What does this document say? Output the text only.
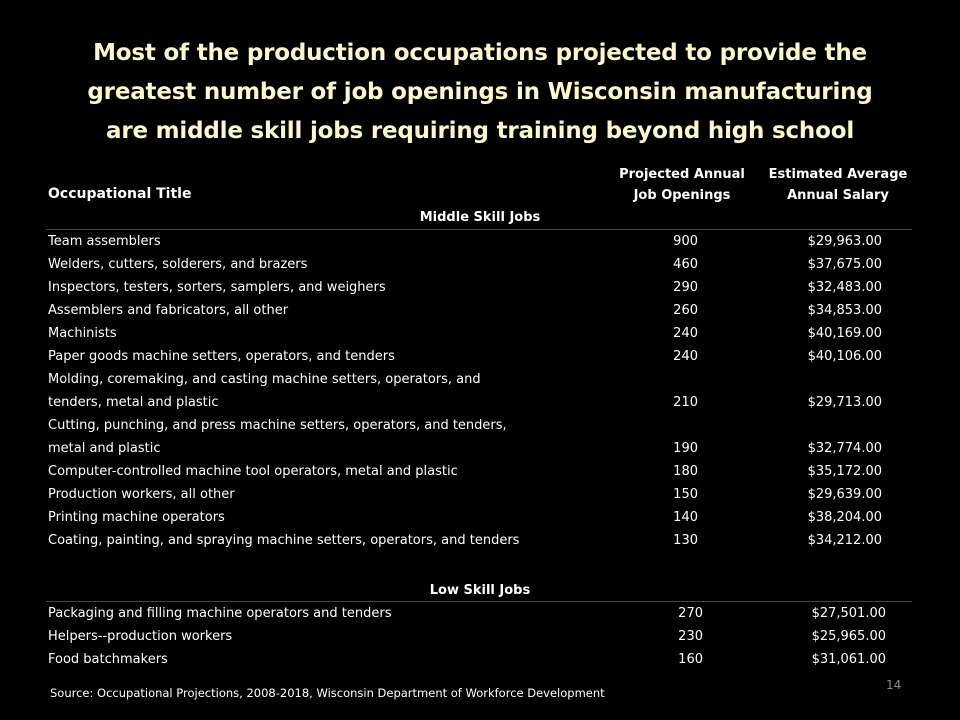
Most of the production occupations projected to provide the
greatest number of job openings in Wisconsin manufacturing
are middle skill jobs requiring training beyond high school
Occupational Title
Projected Annual
Job Openings
Estimated Average
Annual Salary
Middle Skill Jobs
Team assemblers	900	$29,963.00
Welders, cutters, solderers, and brazers	460	$37,675.00
Inspectors, testers, sorters, samplers, and weighers	290	$32,483.00
Assemblers and fabricators, all other	260	$34,853.00
Machinists	240	$40,169.00
Paper goods machine setters, operators, and tenders	240	$40,106.00
Molding, coremaking, and casting machine setters, operators, and
tenders, metal and plastic	210	$29,713.00
Cutting, punching, and press machine setters, operators, and tenders,
metal and plastic	190	$32,774.00
Computer-controlled machine tool operators, metal and plastic	180	$35,172.00
Production workers, all other	150	$29,639.00
Printing machine operators	140	$38,204.00
Coating, painting, and spraying machine setters, operators, and tenders	130	$34,212.00
Low Skill Jobs
Packaging and filling machine operators and tenders	270	$27,501.00
Helpers--production workers	230	$25,965.00
Food batchmakers	160	$31,061.00
Source: Occupational Projections, 2008-2018, Wisconsin Department of Workforce Development
14
